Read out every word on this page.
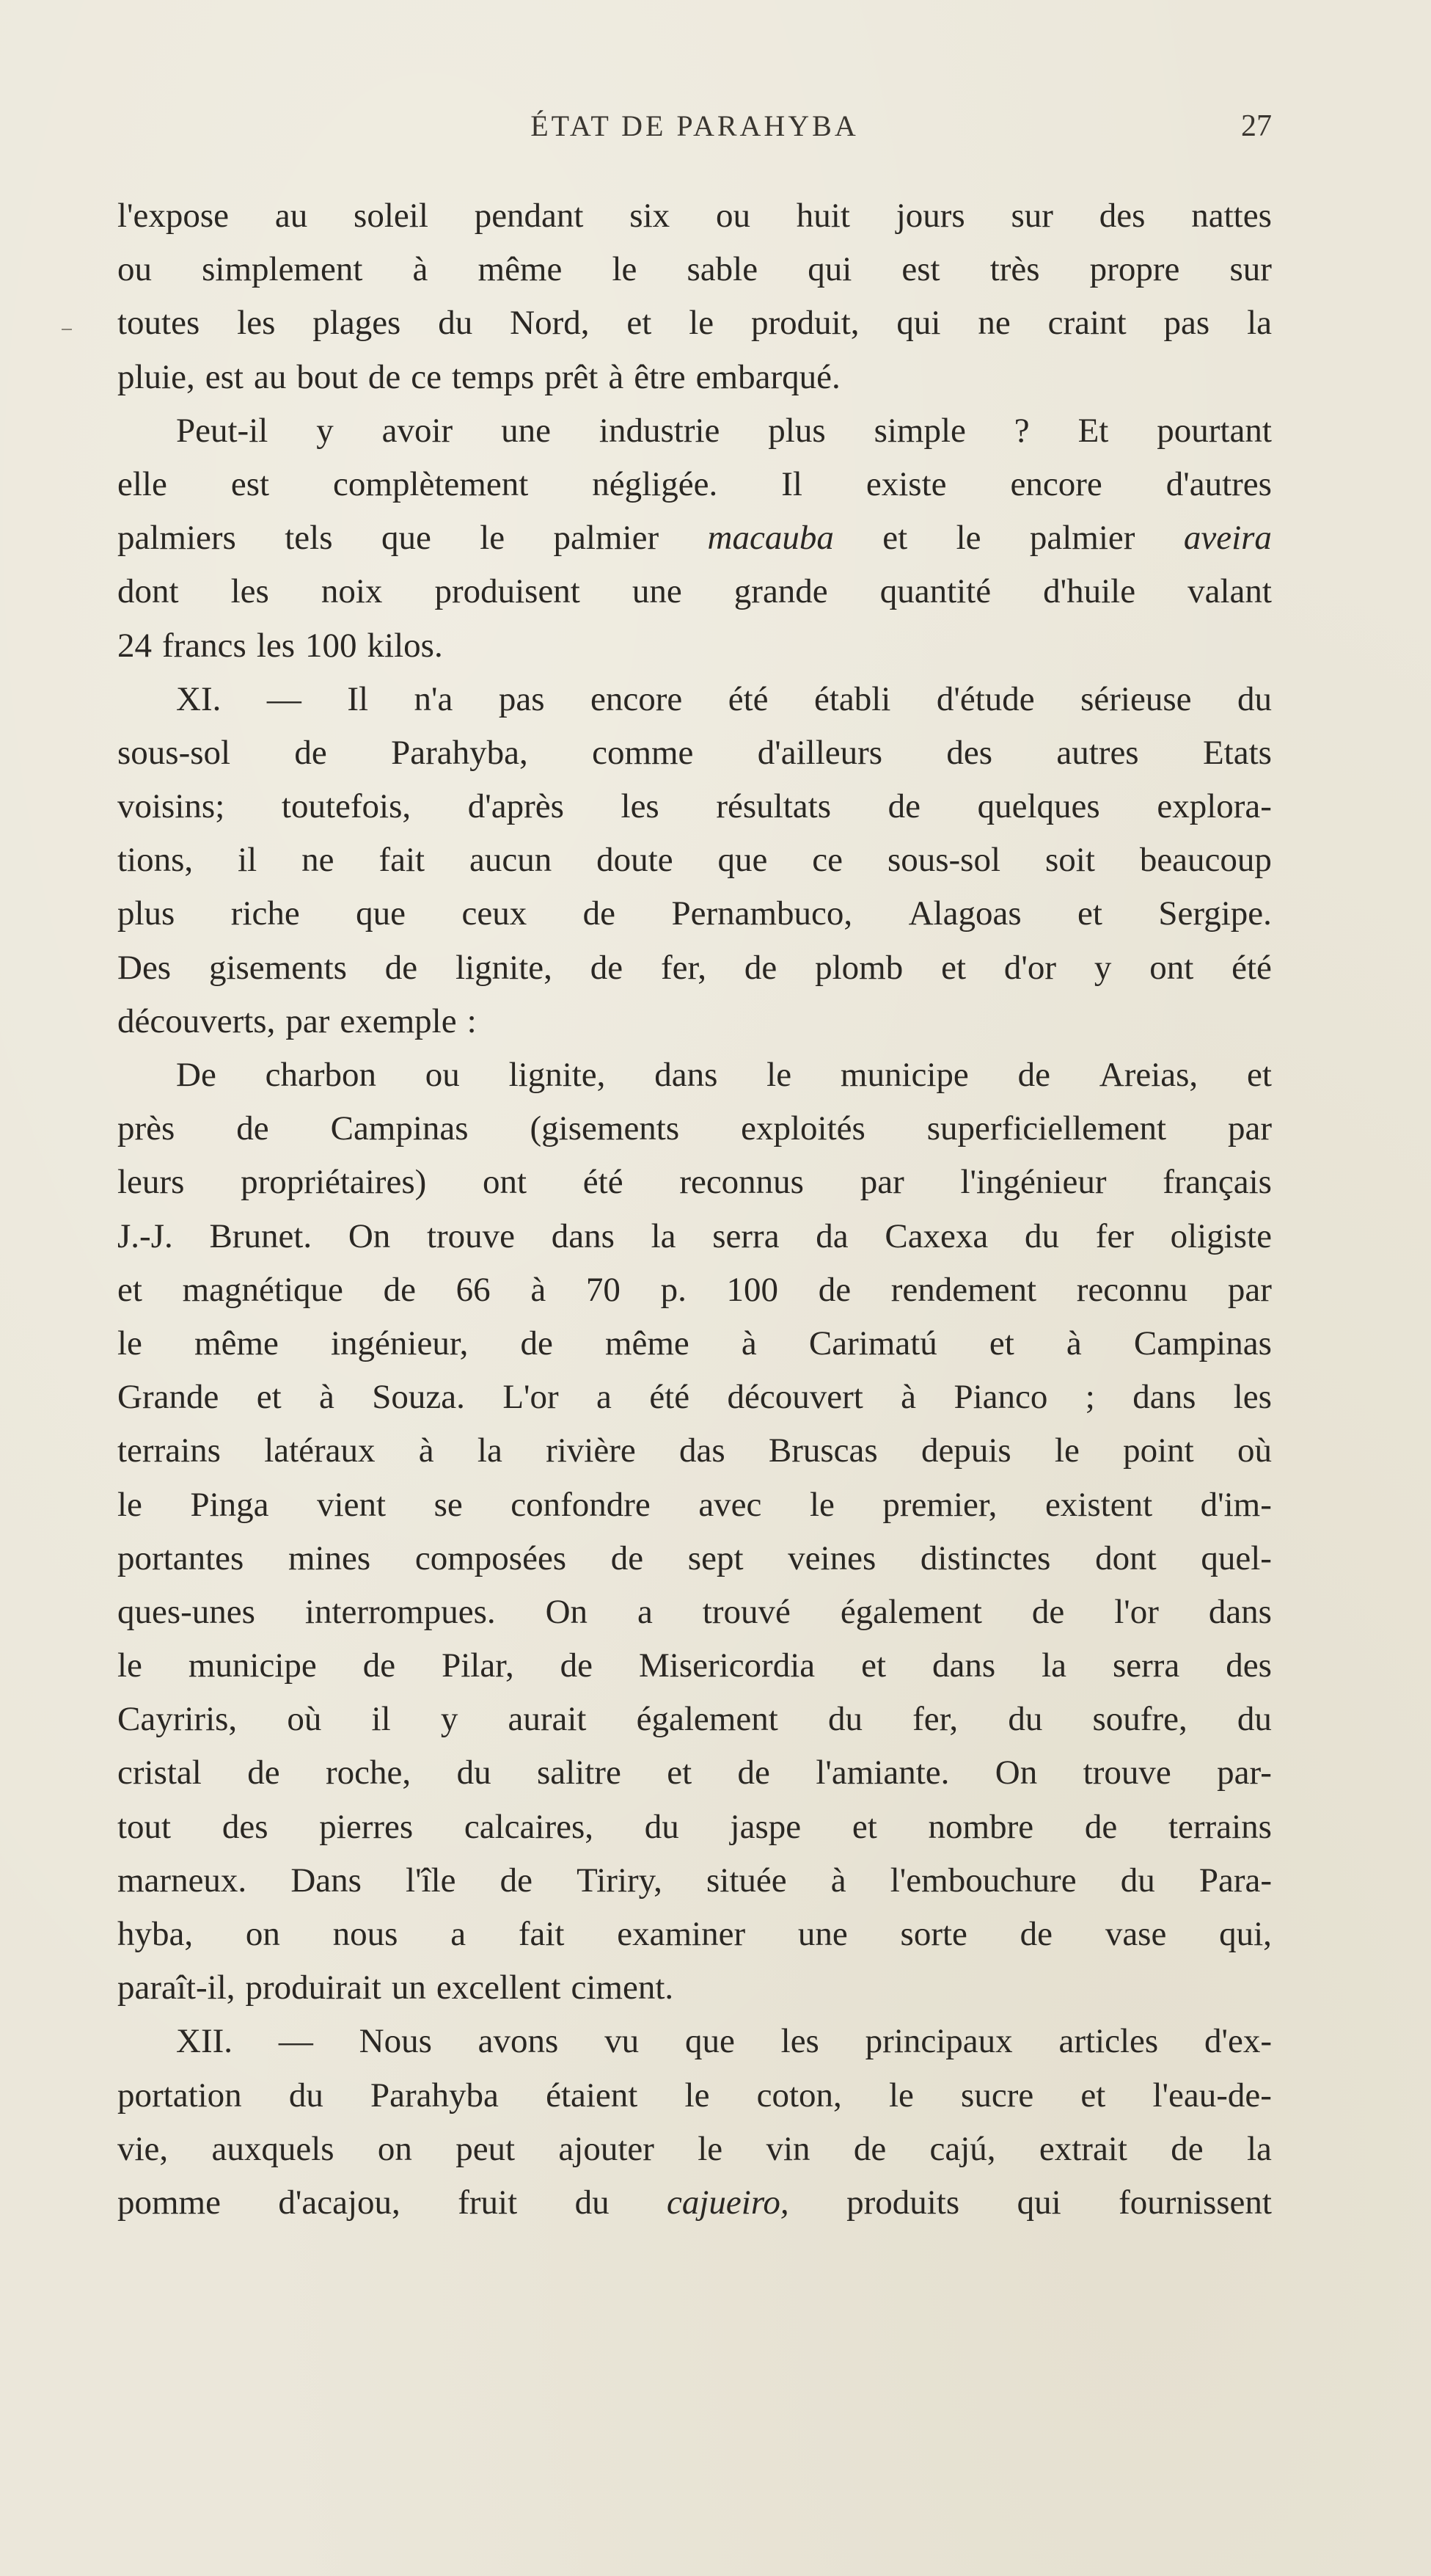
ÉTAT DE PARAHYBA	27
l'expose au soleil pendant six ou huit jours sur des nattes
ou simplement à même le sable qui est très propre sur
toutes les plages du Nord, et le produit, qui ne craint pas la
pluie, est au bout de ce temps prêt à être embarqué.
Peut-il y avoir une industrie plus simple ? Et pourtant
elle est complètement négligée. Il existe encore d'autres
palmiers tels que le palmier macauba et le palmier aveira
dont les noix produisent une grande quantité d'huile valant
24 francs les 100 kilos.
XI. — Il n'a pas encore été établi d'étude sérieuse du
sous-sol de Parahyba, comme d'ailleurs des autres Etats
voisins; toutefois, d'après les résultats de quelques explora-
tions, il ne fait aucun doute que ce sous-sol soit beaucoup
plus riche que ceux de Pernambuco, Alagoas et Sergipe.
Des gisements de lignite, de fer, de plomb et d'or y ont été
découverts, par exemple :
De charbon ou lignite, dans le municipe de Areias, et
près de Campinas (gisements exploités superficiellement par
leurs propriétaires) ont été reconnus par l'ingénieur français
J.-J. Brunet. On trouve dans la serra da Caxexa du fer oligiste
et magnétique de 66 à 70 p. 100 de rendement reconnu par
le même ingénieur, de même à Carimatú et à Campinas
Grande et à Souza. L'or a été découvert à Pianco ; dans les
terrains latéraux à la rivière das Bruscas depuis le point où
le Pinga vient se confondre avec le premier, existent d'im-
portantes mines composées de sept veines distinctes dont quel-
ques-unes interrompues. On a trouvé également de l'or dans
le municipe de Pilar, de Misericordia et dans la serra des
Cayriris, où il y aurait également du fer, du soufre, du
cristal de roche, du salitre et de l'amiante. On trouve par-
tout des pierres calcaires, du jaspe et nombre de terrains
marneux. Dans l'île de Tiriry, située à l'embouchure du Para-
hyba, on nous a fait examiner une sorte de vase qui,
paraît-il, produirait un excellent ciment.
XII. — Nous avons vu que les principaux articles d'ex-
portation du Parahyba étaient le coton, le sucre et l'eau-de-
vie, auxquels on peut ajouter le vin de cajú, extrait de la
pomme d'acajou, fruit du cajueiro, produits qui fournissent
